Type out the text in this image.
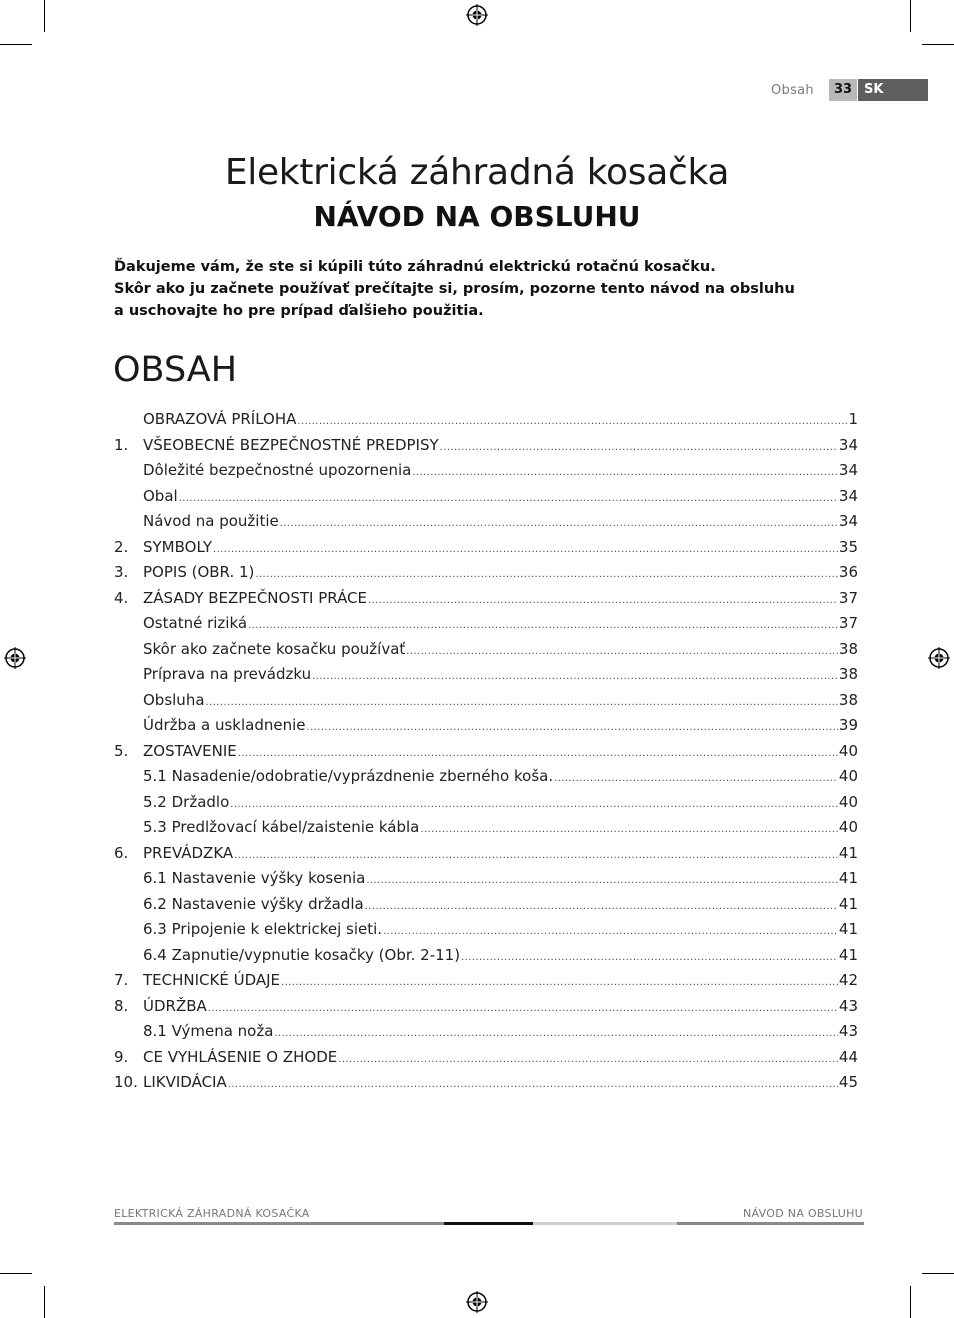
Obsah	33 SK
Elektrická záhradná kosačka
NÁVOD NA OBSLUHU
Ďakujeme vám, že ste si kúpili túto záhradnú elektrickú rotačnú kosačku.
Skôr ako ju začnete používať prečítajte si, prosím, pozorne tento návod na obsluhu
a uschovajte ho pre prípad ďalšieho použitia.
OBSAH
OBRAZOVÁ PRÍLOHA .....	1
1. VŠEOBECNÉ BEZPEČNOSTNÉ PREDPISY .....	34
Dôležité bezpečnostné upozornenia .....	34
Obal .....	34
Návod na použitie .....	34
2. SYMBOLY .....	35
3. POPIS (OBR. 1) .....	36
4. ZÁSADY BEZPEČNOSTI PRÁCE .....	37
Ostatné riziká .....	37
Skôr ako začnete kosačku používať .....	38
Príprava na prevádzku .....	38
Obsluha .....	38
Údržba a uskladnenie .....	39
5. ZOSTAVENIE .....	40
5.1 Nasadenie/odobratie/vyprázdnenie zberného koša. .....	40
5.2 Držadlo .....	40
5.3 Predlžovací kábel/zaistenie kábla .....	40
6. PREVÁDZKA .....	41
6.1 Nastavenie výšky kosenia .....	41
6.2 Nastavenie výšky držadla .....	41
6.3 Pripojenie k elektrickej sieti. .....	41
6.4 Zapnutie/vypnutie kosačky (Obr. 2-11) .....	41
7. TECHNICKÉ ÚDAJE .....	42
8. ÚDRŽBA .....	43
8.1 Výmena noža .....	43
9. CE VYHLÁSENIE O ZHODE .....	44
10. LIKVIDÁCIA .....	45
ELEKTRICKÁ ZÁHRADNÁ KOSAČKA	NÁVOD NA OBSLUHU
